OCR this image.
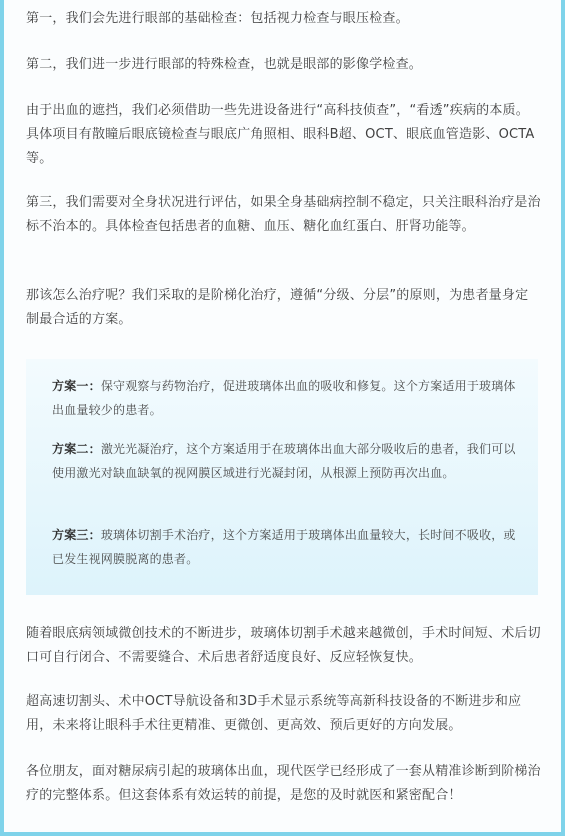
第一，我们会先进行眼部的基础检查：包括视力检查与眼压检查。

第二，我们进一步进行眼部的特殊检查，也就是眼部的影像学检查。

由于出血的遮挡，我们必须借助一些先进设备进行“高科技侦查”，“看透”疾病的本质。具体项目有散瞳后眼底镜检查与眼底广角照相、眼科B超、OCT、眼底血管造影、OCTA等。

第三，我们需要对全身状况进行评估，如果全身基础病控制不稳定，只关注眼科治疗是治标不治本的。具体检查包括患者的血糖、血压、糖化血红蛋白、肝肾功能等。

那该怎么治疗呢？我们采取的是阶梯化治疗，遵循“分级、分层”的原则，为患者量身定制最合适的方案。

方案一：保守观察与药物治疗，促进玻璃体出血的吸收和修复。这个方案适用于玻璃体出血量较少的患者。

方案二：激光光凝治疗，这个方案适用于在玻璃体出血大部分吸收后的患者，我们可以使用激光对缺血缺氧的视网膜区域进行光凝封闭，从根源上预防再次出血。

方案三：玻璃体切割手术治疗，这个方案适用于玻璃体出血量较大，长时间不吸收，或已发生视网膜脱离的患者。

随着眼底病领域微创技术的不断进步，玻璃体切割手术越来越微创，手术时间短、术后切口可自行闭合、不需要缝合、术后患者舒适度良好、反应轻恢复快。

超高速切割头、术中OCT导航设备和3D手术显示系统等高新科技设备的不断进步和应用，未来将让眼科手术往更精准、更微创、更高效、预后更好的方向发展。

各位朋友，面对糖尿病引起的玻璃体出血，现代医学已经形成了一套从精准诊断到阶梯治疗的完整体系。但这套体系有效运转的前提，是您的及时就医和紧密配合！
